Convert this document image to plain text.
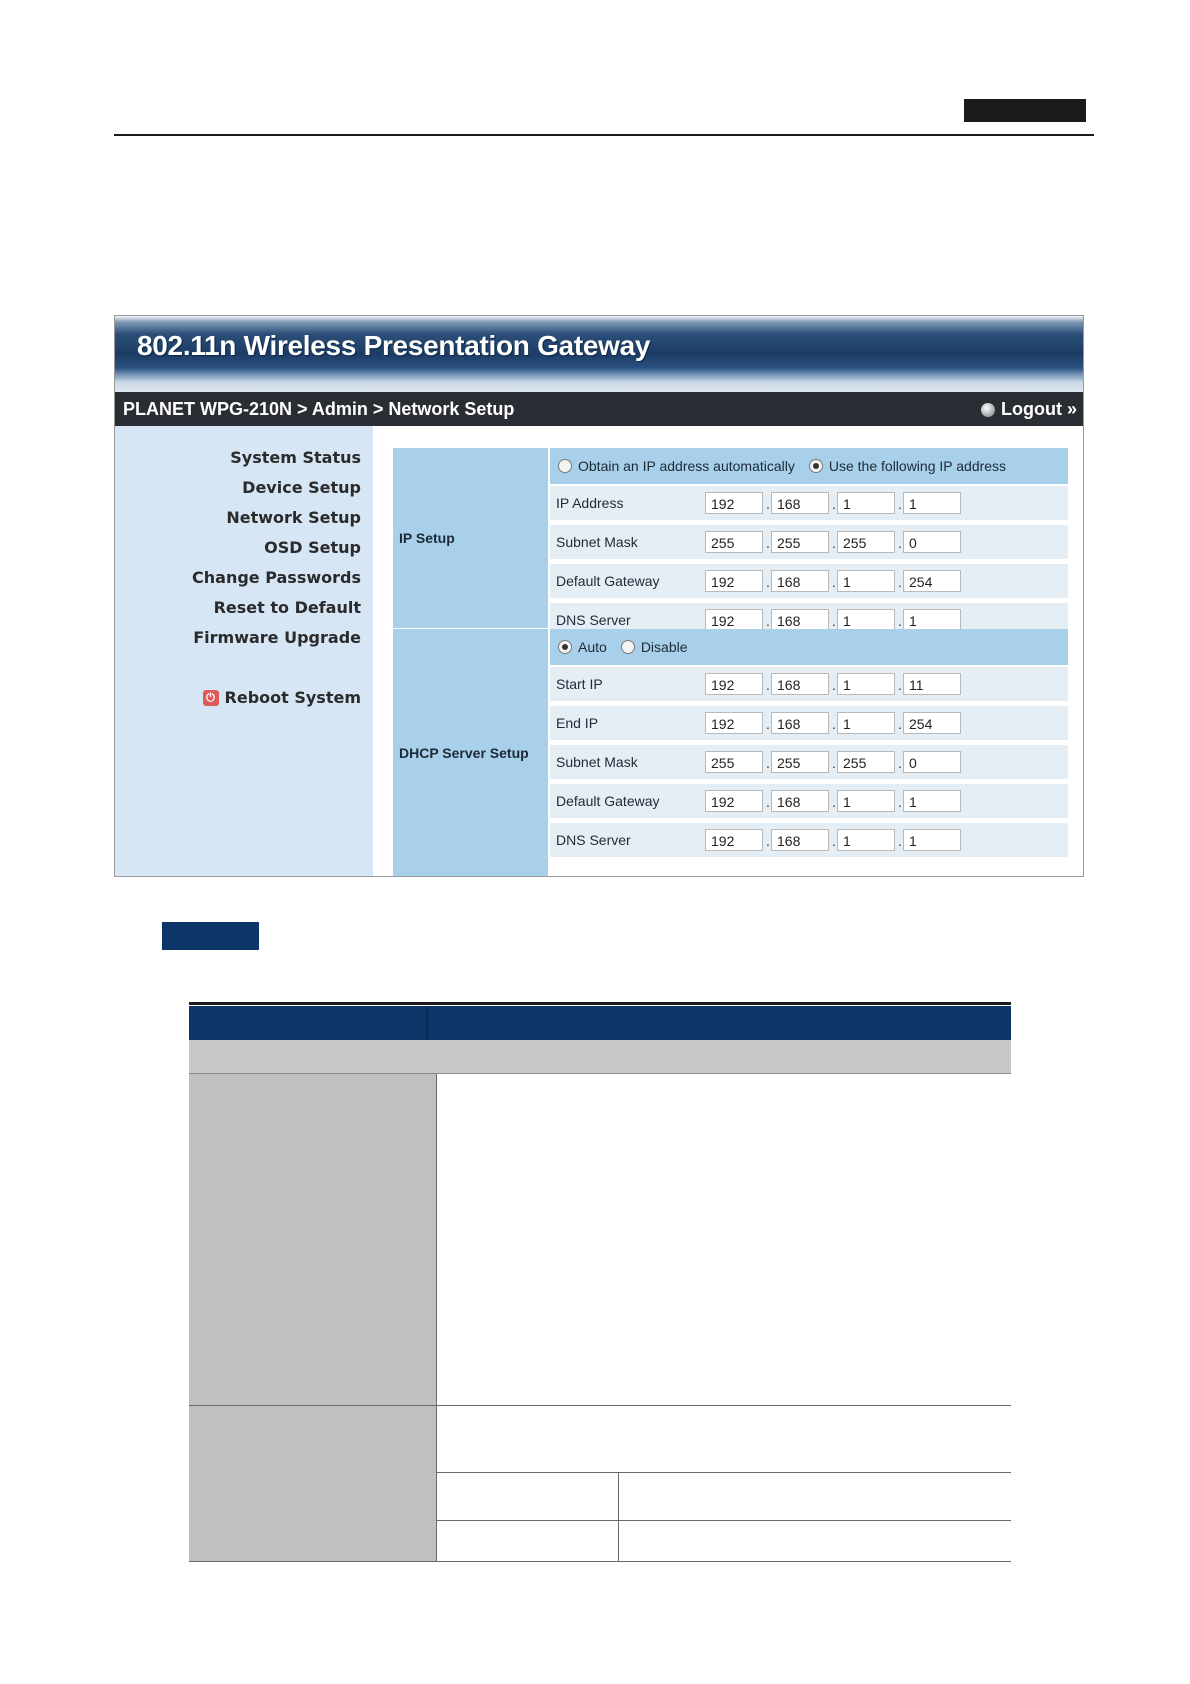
802.11n Wireless Presentation Gateway
PLANET WPG-210N > Admin > Network Setup	Logout »
System Status
Device Setup
Network Setup
OSD Setup
Change Passwords
Reset to Default
Firmware Upgrade
⏻ Reboot System
IP Setup
Obtain an IP address automatically Use the following IP address
IP Address	192	. 168	. 1	. 1
Subnet Mask	255	. 255	. 255	. 0
Default Gateway	192	. 168	. 1	. 254
DNS Server	192	. 168	. 1	. 1
DHCP Server Setup
Auto Disable
Start IP	192	. 168	. 1	. 11
End IP	192	. 168	. 1	. 254
Subnet Mask	255	. 255	. 255	. 0
Default Gateway	192	. 168	. 1	. 1
DNS Server	192	. 168	. 1	. 1
